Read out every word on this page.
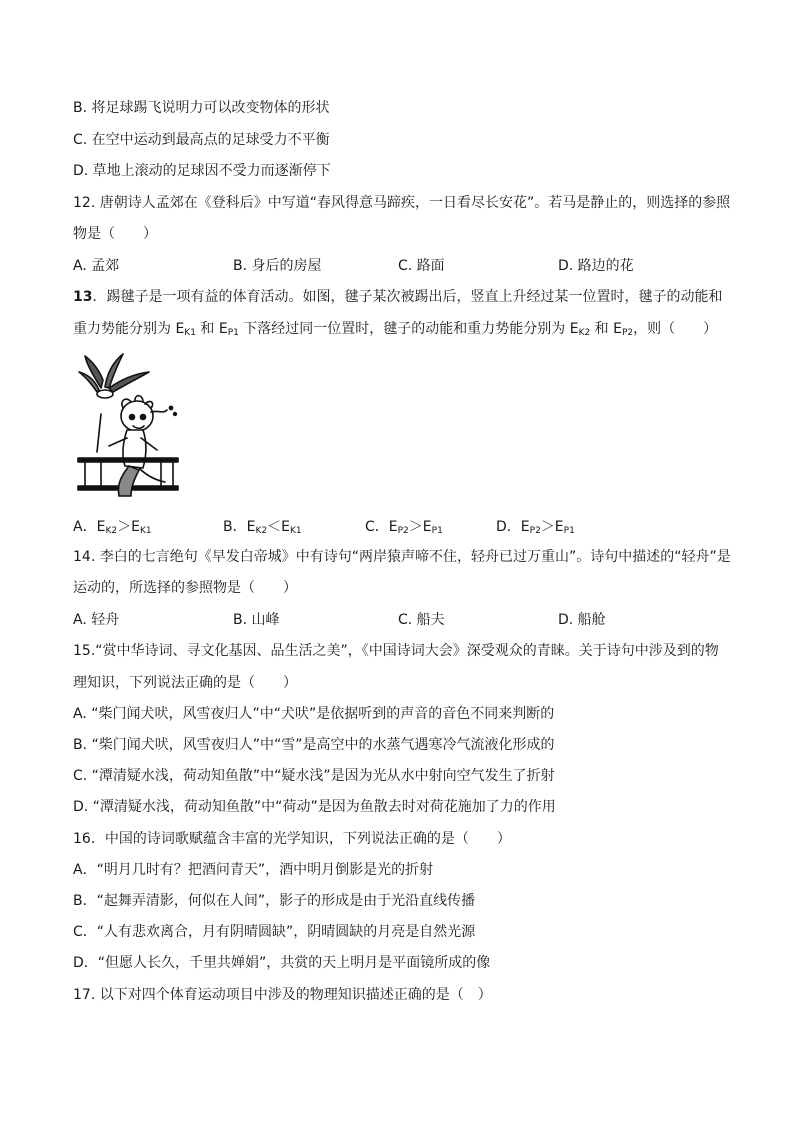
B. 将足球踢飞说明力可以改变物体的形状
C. 在空中运动到最高点的足球受力不平衡
D. 草地上滚动的足球因不受力而逐渐停下
12. 唐朝诗人孟郊在《登科后》中写道“春风得意马蹄疾，一日看尽长安花”。若马是静止的，则选择的参照
物是（　　）
A. 孟郊	B. 身后的房屋	C. 路面	D. 路边的花
13．踢毽子是一项有益的体育活动。如图，毽子某次被踢出后，竖直上升经过某一位置时，毽子的动能和
重力势能分别为 $E_{K1}$ 和 $E_{P1}$ 下落经过同一位置时，毽子的动能和重力势能分别为 $E_{K2}$ 和 $E_{P2}$，则（　　）
A．$E_{K2}>E_{K1}$	B．$E_{K2}<E_{K1}$	C．$E_{P2}>E_{P1}$	D．$E_{P2}>E_{P1}$
14. 李白的七言绝句《早发白帝城》中有诗句“两岸猿声啼不住，轻舟已过万重山”。诗句中描述的“轻舟”是
运动的，所选择的参照物是（　　）
A. 轻舟	B. 山峰	C. 船夫	D. 船舱
15.“赏中华诗词、寻文化基因、品生活之美”，《中国诗词大会》深受观众的青睐。关于诗句中涉及到的物
理知识，下列说法正确的是（　　）
A. “柴门闻犬吠，风雪夜归人”中“犬吠”是依据听到的声音的音色不同来判断的
B. “柴门闻犬吠，风雪夜归人”中“雪”是高空中的水蒸气遇寒冷气流液化形成的
C. “潭清疑水浅，荷动知鱼散”中“疑水浅”是因为光从水中射向空气发生了折射
D. “潭清疑水浅，荷动知鱼散”中“荷动”是因为鱼散去时对荷花施加了力的作用
16．中国的诗词歌赋蕴含丰富的光学知识，下列说法正确的是（　　）
A．“明月几时有？把酒问青天”，酒中明月倒影是光的折射
B．“起舞弄清影，何似在人间”，影子的形成是由于光沿直线传播
C．“人有悲欢离合，月有阴晴圆缺”，阴晴圆缺的月亮是自然光源
D．“但愿人长久，千里共婵娟”，共赏的天上明月是平面镜所成的像
17. 以下对四个体育运动项目中涉及的物理知识描述正确的是（　）
